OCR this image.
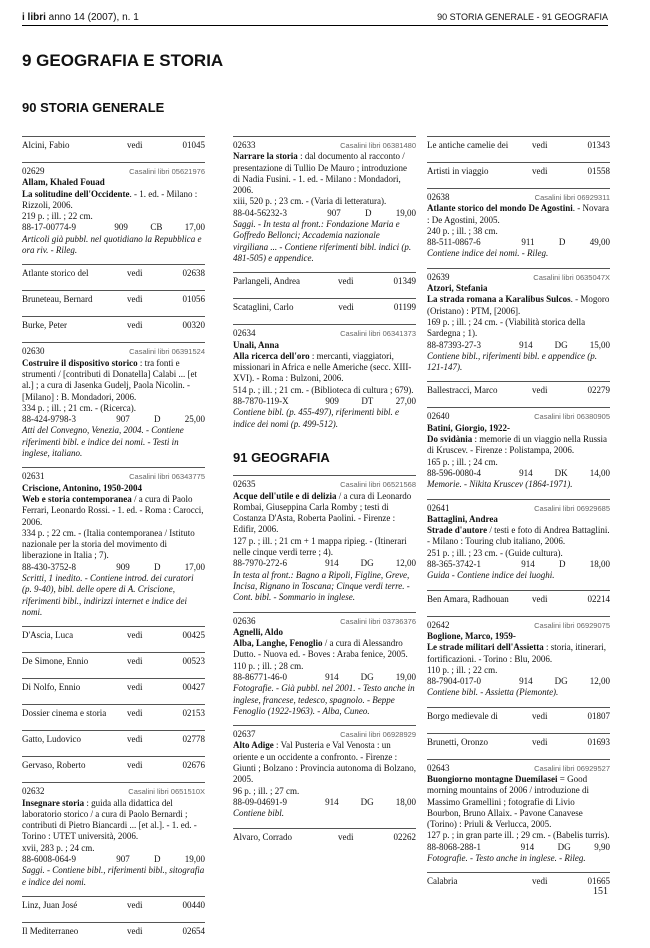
i libri anno 14 (2007), n. 1	90 STORIA GENERALE - 91 GEOGRAFIA
9 GEOGRAFIA E STORIA
90 STORIA GENERALE
Alcini, Fabio	vedi	01045
02629	Casalini libri 05621976
Allam, Khaled Fouad
La solitudine dell'Occidente. - 1. ed. - Milano : Rizzoli, 2006.
219 p. ; ill. ; 22 cm.
88-17-00774-9	909 CB 17,00
Articoli già pubbl. nel quotidiano la Repubblica e ora riv. - Rileg.
Atlante storico del	vedi	02638
Bruneteau, Bernard	vedi	01056
Burke, Peter	vedi	00320
02630	Casalini libri 06391524
Costruire il dispositivo storico : tra fonti e strumenti / [contributi di Donatella] Calabi ... [et al.] ; a cura di Jasenka Gudelj, Paola Nicolin. - [Milano] : B. Mondadori, 2006.
334 p. ; ill. ; 21 cm. - (Ricerca).
88-424-9798-3	907	D	25,00
Atti del Convegno, Venezia, 2004. - Contiene riferimenti bibl. e indice dei nomi. - Testi in inglese, italiano.
02631	Casalini libri 06343775
Criscione, Antonino, 1950-2004
Web e storia contemporanea / a cura di Paolo Ferrari, Leonardo Rossi. - 1. ed. - Roma : Carocci, 2006.
334 p. ; 22 cm. - (Italia contemporanea / Istituto nazionale per la storia del movimento di liberazione in Italia ; 7).
88-430-3752-8	909	D	17,00
Scritti, 1 inedito. - Contiene introd. dei curatori (p. 9-40), bibl. delle opere di A. Criscione, riferimenti bibl., indirizzi internet e indice dei nomi.
D'Ascia, Luca	vedi	00425
De Simone, Ennio	vedi	00523
Di Nolfo, Ennio	vedi	00427
Dossier cinema e storia vedi	02153
Gatto, Ludovico	vedi	02778
Gervaso, Roberto	vedi	02676
02632	Casalini libri 0651510X
Insegnare storia : guida alla didattica del laboratorio storico / a cura di Paolo Bernardi ; contributi di Pietro Biancardi ... [et al.]. - 1. ed. - Torino : UTET università, 2006.
xvii, 283 p. ; 24 cm.
88-6008-064-9	907	D	19,00
Saggi. - Contiene bibl., riferimenti bibl., sitografia e indice dei nomi.
Linz, Juan José	vedi	00440
Il Mediterraneo	vedi	02654
02633	Casalini libri 06381480
Narrare la storia : dal documento al racconto / presentazione di Tullio De Mauro ; introduzione di Nadia Fusini. - 1. ed. - Milano : Mondadori, 2006.
xiii, 520 p. ; 23 cm. - (Varia di letteratura).
88-04-56232-3	907	D	19,00
Saggi. - In testa al front.: Fondazione Maria e Goffredo Bellonci; Accademia nazionale virgiliana ... - Contiene riferimenti bibl. indici (p. 481-505) e appendice.
Parlangeli, Andrea	vedi	01349
Scataglini, Carlo	vedi	01199
02634	Casalini libri 06341373
Unali, Anna
Alla ricerca dell'oro : mercanti, viaggiatori, missionari in Africa e nelle Americhe (secc. XIII-XVI). - Roma : Bulzoni, 2006.
514 p. ; ill. ; 21 cm. - (Biblioteca di cultura ; 679).
88-7870-119-X	909 DT 27,00
Contiene bibl. (p. 455-497), riferimenti bibl. e indice dei nomi (p. 499-512).
91 GEOGRAFIA
02635	Casalini libri 06521568
Acque dell'utile e di delizia / a cura di Leonardo Rombai, Giuseppina Carla Romby ; testi di Costanza D'Asta, Roberta Paolini. - Firenze : Edifir, 2006.
127 p. ; ill. ; 21 cm + 1 mappa ripieg. - (Itinerari nelle cinque verdi terre ; 4).
88-7970-272-6	914 DG 12,00
In testa al front.: Bagno a Ripoli, Figline, Greve, Incisa, Rignano in Toscana; Cinque verdi terre. - Cont. bibl. - Sommario in inglese.
02636	Casalini libri 03736376
Agnelli, Aldo
Alba, Langhe, Fenoglio / a cura di Alessandro Dutto. - Nuova ed. - Boves : Araba fenice, 2005.
110 p. ; ill. ; 28 cm.
88-86771-46-0	914 DG 19,00
Fotografie. - Già pubbl. nel 2001. - Testo anche in inglese, francese, tedesco, spagnolo. - Beppe Fenoglio (1922-1963). - Alba, Cuneo.
02637	Casalini libri 06928929
Alto Adige : Val Pusteria e Val Venosta : un oriente e un occidente a confronto. - Firenze : Giunti ; Bolzano : Provincia autonoma di Bolzano, 2005.
96 p. ; ill. ; 27 cm.
88-09-04691-9	914 DG 18,00
Contiene bibl.
Alvaro, Corrado	vedi	02262
Le antiche camelie dei	vedi	01343
Artisti in viaggio	vedi	01558
02638	Casalini libri 06929311
Atlante storico del mondo De Agostini. - Novara : De Agostini, 2005.
240 p. ; ill. ; 38 cm.
88-511-0867-6	911	D	49,00
Contiene indice dei nomi. - Rileg.
02639	Casalini libri 0635047X
Atzori, Stefania
La strada romana a Karalibus Sulcos. - Mogoro (Oristano) : PTM, [2006].
169 p. ; ill. ; 24 cm. - (Viabilità storica della Sardegna ; 1).
88-87393-27-3	914 DG 15,00
Contiene bibl., riferimenti bibl. e appendice (p. 121-147).
Ballestracci, Marco	vedi	02279
02640	Casalini libri 06380905
Batini, Giorgio, 1922-
Do svidània : memorie di un viaggio nella Russia di Kruscev. - Firenze : Polistampa, 2006.
165 p. ; ill. ; 24 cm.
88-596-0080-4	914 DK 14,00
Memorie. - Nikita Kruscev (1864-1971).
02641	Casalini libri 06929685
Battaglini, Andrea
Strade d'autore / testi e foto di Andrea Battaglini. - Milano : Touring club italiano, 2006.
251 p. ; ill. ; 23 cm. - (Guide cultura).
88-365-3742-1	914	D	18,00
Guida - Contiene indice dei luoghi.
Ben Amara, Radhouan	vedi	02214
02642	Casalini libri 06929075
Boglione, Marco, 1959-
Le strade militari dell'Assietta : storia, itinerari, fortificazioni. - Torino : Blu, 2006.
110 p. ; ill. ; 22 cm.
88-7904-017-0	914 DG 12,00
Contiene bibl. - Assietta (Piemonte).
Borgo medievale di	vedi	01807
Brunetti, Oronzo	vedi	01693
02643	Casalini libri 06929527
Buongiorno montagne Duemilasei = Good morning mountains of 2006 / introduzione di Massimo Gramellini ; fotografie di Livio Bourbon, Bruno Allaix. - Pavone Canavese (Torino) : Priuli & Verlucca, 2005.
127 p. ; in gran parte ill. ; 29 cm. - (Babelis turris).
88-8068-288-1	914	DG	9,90
Fotografie. - Testo anche in inglese. - Rileg.
Calabria	vedi	01665
151
